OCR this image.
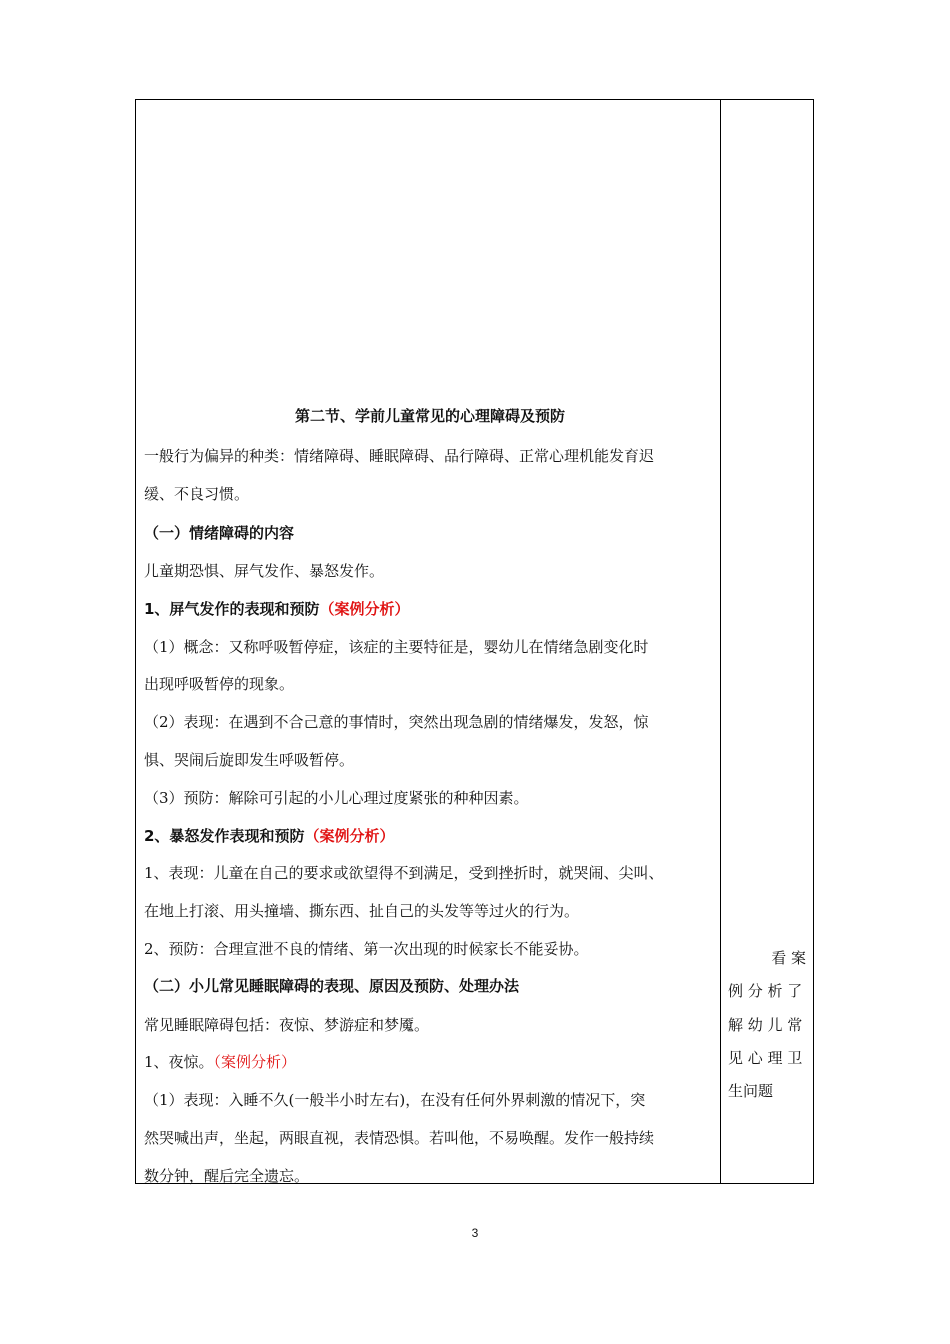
第二节、学前儿童常见的心理障碍及预防
一般行为偏异的种类：情绪障碍、睡眠障碍、品行障碍、正常心理机能发育迟
缓、不良习惯。
（一）情绪障碍的内容
儿童期恐惧、屏气发作、暴怒发作。
1、屏气发作的表现和预防（案例分析）
（1）概念：又称呼吸暂停症，该症的主要特征是，婴幼儿在情绪急剧变化时
出现呼吸暂停的现象。
（2）表现：在遇到不合己意的事情时，突然出现急剧的情绪爆发，发怒，惊
惧、哭闹后旋即发生呼吸暂停。
（3）预防：解除可引起的小儿心理过度紧张的种种因素。
2、暴怒发作表现和预防（案例分析）
1、表现：儿童在自己的要求或欲望得不到满足，受到挫折时，就哭闹、尖叫、
在地上打滚、用头撞墙、撕东西、扯自己的头发等等过火的行为。
2、预防：合理宣泄不良的情绪、第一次出现的时候家长不能妥协。
（二）小儿常见睡眠障碍的表现、原因及预防、处理办法
常见睡眠障碍包括：夜惊、梦游症和梦魇。
1、夜惊。（案例分析）
（1）表现：入睡不久(一般半小时左右)，在没有任何外界刺激的情况下，突
然哭喊出声，坐起，两眼直视，表情恐惧。若叫他，不易唤醒。发作一般持续
数分钟，醒后完全遗忘。
看 案
例 分 析 了
解 幼 儿 常
见 心 理 卫
生问题
3
